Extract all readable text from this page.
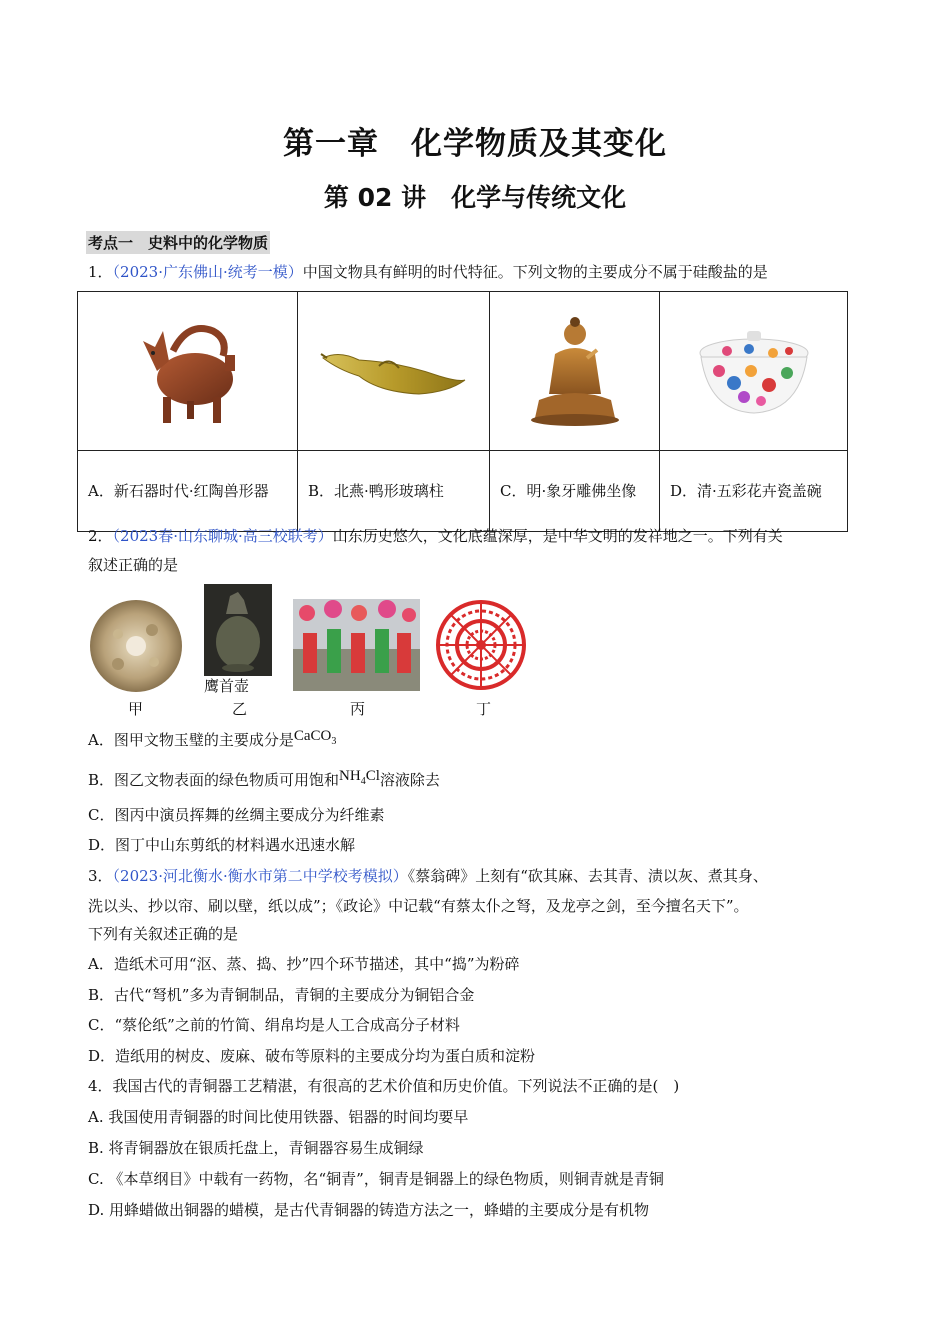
第一章　化学物质及其变化
第 02 讲　化学与传统文化
考点一　史料中的化学物质
1．（2023·广东佛山·统考一模）中国文物具有鲜明的时代特征。下列文物的主要成分不属于硅酸盐的是

A．新石器时代·红陶兽形器	B．北燕·鸭形玻璃柱	C．明·象牙雕佛坐像	D．清·五彩花卉瓷盖碗
2．（2023春·山东聊城·高三校联考）山东历史悠久，文化底蕴深厚，是中华文明的发祥地之一。下列有关
叙述正确的是
鹰首壶
甲	乙	丙	丁
A．图甲文物玉璧的主要成分是CaCO$_3$
B．图乙文物表面的绿色物质可用饱和$NH_4Cl$溶液除去
C．图丙中演员挥舞的丝绸主要成分为纤维素
D．图丁中山东剪纸的材料遇水迅速水解
3．（2023·河北衡水·衡水市第二中学校考模拟）《蔡翁碑》上刻有“砍其麻、去其青、渍以灰、煮其身、
洗以头、抄以帘、刷以壁，纸以成”；《政论》中记载“有蔡太仆之弩，及龙亭之剑，至今擅名天下”。
下列有关叙述正确的是
A．造纸术可用“沤、蒸、捣、抄”四个环节描述，其中“捣”为粉碎
B．古代“弩机”多为青铜制品，青铜的主要成分为铜铝合金
C．“蔡伦纸”之前的竹简、绢帛均是人工合成高分子材料
D．造纸用的树皮、废麻、破布等原料的主要成分均为蛋白质和淀粉
4．我国古代的青铜器工艺精湛，有很高的艺术价值和历史价值。下列说法不正确的是(　)
A. 我国使用青铜器的时间比使用铁器、铝器的时间均要早
B. 将青铜器放在银质托盘上，青铜器容易生成铜绿
C. 《本草纲目》中载有一药物，名“铜青”，铜青是铜器上的绿色物质，则铜青就是青铜
D. 用蜂蜡做出铜器的蜡模，是古代青铜器的铸造方法之一，蜂蜡的主要成分是有机物
